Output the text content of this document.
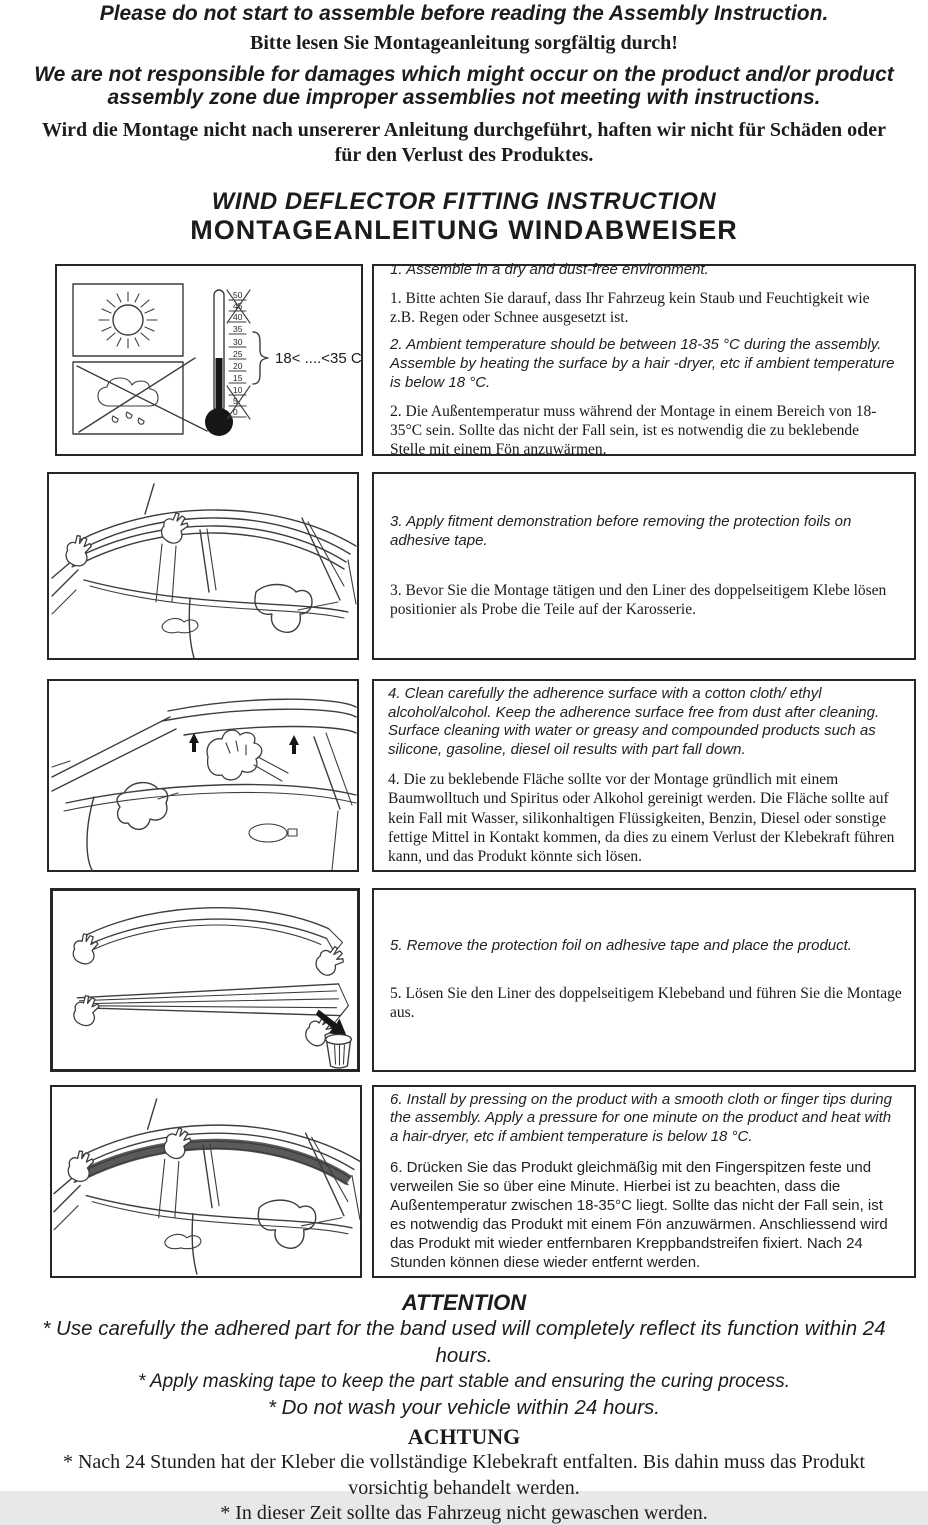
Please do not start to assemble before reading the Assembly Instruction.
Bitte lesen Sie Montageanleitung sorgfältig durch!
We are not responsible for damages which might occur on the product and/or product assembly zone due improper assemblies not meeting with instructions.
Wird die Montage nicht nach unsererer Anleitung durchgeführt, haften wir nicht für Schäden oder für den Verlust des Produktes.
WIND DEFLECTOR FITTING INSTRUCTION
MONTAGEANLEITUNG WINDABWEISER
50
45
40
35
30
25
20
15
10
5
0
18< ....<35 C

1. Assemble in a dry and dust-free environment.

1. Bitte achten Sie darauf, dass Ihr Fahrzeug kein Staub und Feuchtigkeit wie z.B. Regen oder Schnee ausgesetzt ist.

2. Ambient temperature should be between 18-35 °C during the assembly. Assemble by heating the surface by a hair -dryer, etc if ambient temperature is below 18 °C.

2. Die Außentemperatur muss während der Montage in einem Bereich von 18-35°C sein. Sollte das nicht der Fall sein, ist es notwendig die zu beklebende Stelle mit einem Fön anzuwärmen.

3. Apply fitment demonstration before removing the protection foils on adhesive tape.

3. Bevor Sie die Montage tätigen und den Liner des doppelseitigem Klebe lösen positionier als Probe die Teile auf der Karosserie.

4. Clean carefully the adherence surface with a cotton cloth/ ethyl alcohol/alcohol. Keep the adherence surface free from dust after cleaning. Surface cleaning with water or greasy and compounded products such as silicone, gasoline, diesel oil results with part fall down.

4. Die zu beklebende Fläche sollte vor der Montage gründlich mit einem Baumwolltuch und Spiritus oder Alkohol gereinigt werden. Die Fläche sollte auf kein Fall mit Wasser, silikonhaltigen Flüssigkeiten, Benzin, Diesel oder sonstige fettige Mittel in Kontakt kommen, da dies zu einem Verlust der Klebekraft führen kann, und das Produkt könnte sich lösen.

5. Remove the protection foil on adhesive tape and place the product.

5. Lösen Sie den Liner des doppelseitigem Klebeband und führen Sie die Montage aus.

6. Install by pressing on the product with a smooth cloth or finger tips during the assembly. Apply a pressure for one minute on the product and heat with a hair-dryer, etc if ambient temperature is below 18 °C.

6. Drücken Sie das Produkt gleichmäßig mit den Fingerspitzen feste und verweilen Sie so über eine Minute. Hierbei ist zu beachten, dass die Außentemperatur zwischen 18-35°C liegt. Sollte das nicht der Fall sein, ist es notwendig das Produkt mit einem Fön anzuwärmen. Anschliessend wird das Produkt mit wieder entfernbaren Kreppbandstreifen fixiert. Nach 24 Stunden können diese wieder entfernt werden.

ATTENTION
* Use carefully the adhered part for the band used will completely reflect its function within 24 hours.
* Apply masking tape to keep the part stable and ensuring the curing process.
* Do not wash your vehicle within 24 hours.
ACHTUNG
* Nach 24 Stunden hat der Kleber die vollständige Klebekraft entfalten. Bis dahin muss das Produkt vorsichtig behandelt werden.
* In dieser Zeit sollte das Fahrzeug nicht gewaschen werden.
